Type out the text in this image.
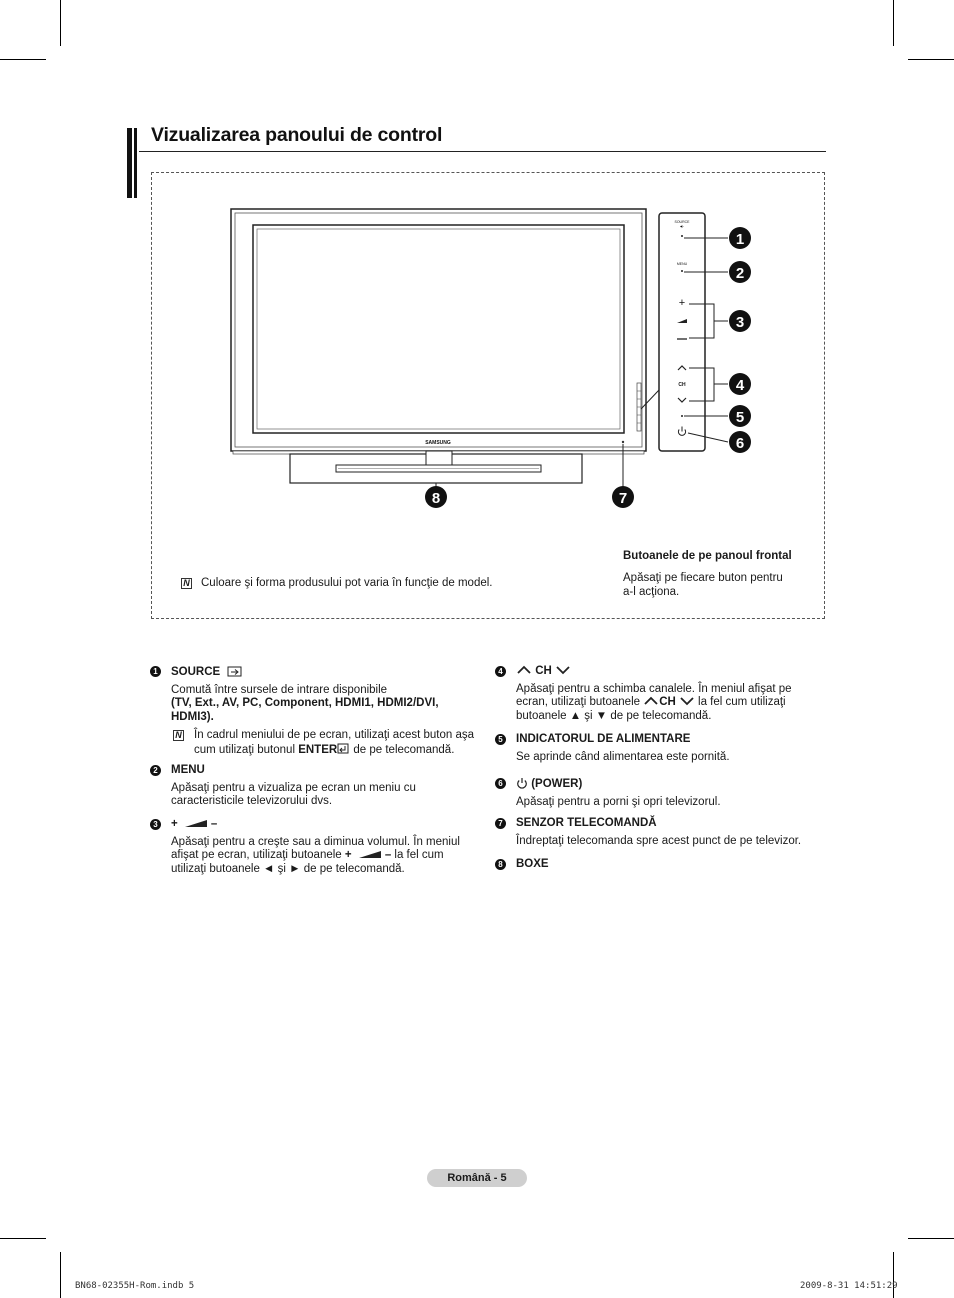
Vizualizarea panoului de control
SAMSUNG
SOURCE
⎆
MENU
+
CH
1
2
3
4
5
6
7
8
Butoanele de pe panoul frontal
Apăsaţi pe fiecare buton pentru
a-l acţiona.
N Culoare şi forma produsului pot varia în funcţie de model.
1 SOURCE
Comută între sursele de intrare disponibile
(TV, Ext., AV, PC, Component, HDMI1, HDMI2/DVI,
HDMI3).
N În cadrul meniului de pe ecran, utilizaţi acest buton aşa
cum utilizaţi butonul ENTER de pe telecomandă.
2 MENU
Apăsaţi pentru a vizualiza pe ecran un meniu cu
caracteristicile televizorului dvs.
3 +	–
Apăsaţi pentru a creşte sau a diminua volumul. În meniul
afişat pe ecran, utilizaţi butoanele +	– la fel cum
utilizaţi butoanele ◄ şi ► de pe telecomandă.
4	CH
Apăsaţi pentru a schimba canalele. În meniul afişat pe
ecran, utilizaţi butoanele CH la fel cum utilizaţi
butoanele ▲ şi ▼ de pe telecomandă.
5 INDICATORUL DE ALIMENTARE
Se aprinde când alimentarea este pornită.
6	(POWER)
Apăsaţi pentru a porni şi opri televizorul.
7 SENZOR TELECOMANDĂ
Îndreptaţi telecomanda spre acest punct de pe televizor.
8 BOXE
Română - 5
BN68-02355H-Rom.indb 5	2009-8-31 14:51:29
